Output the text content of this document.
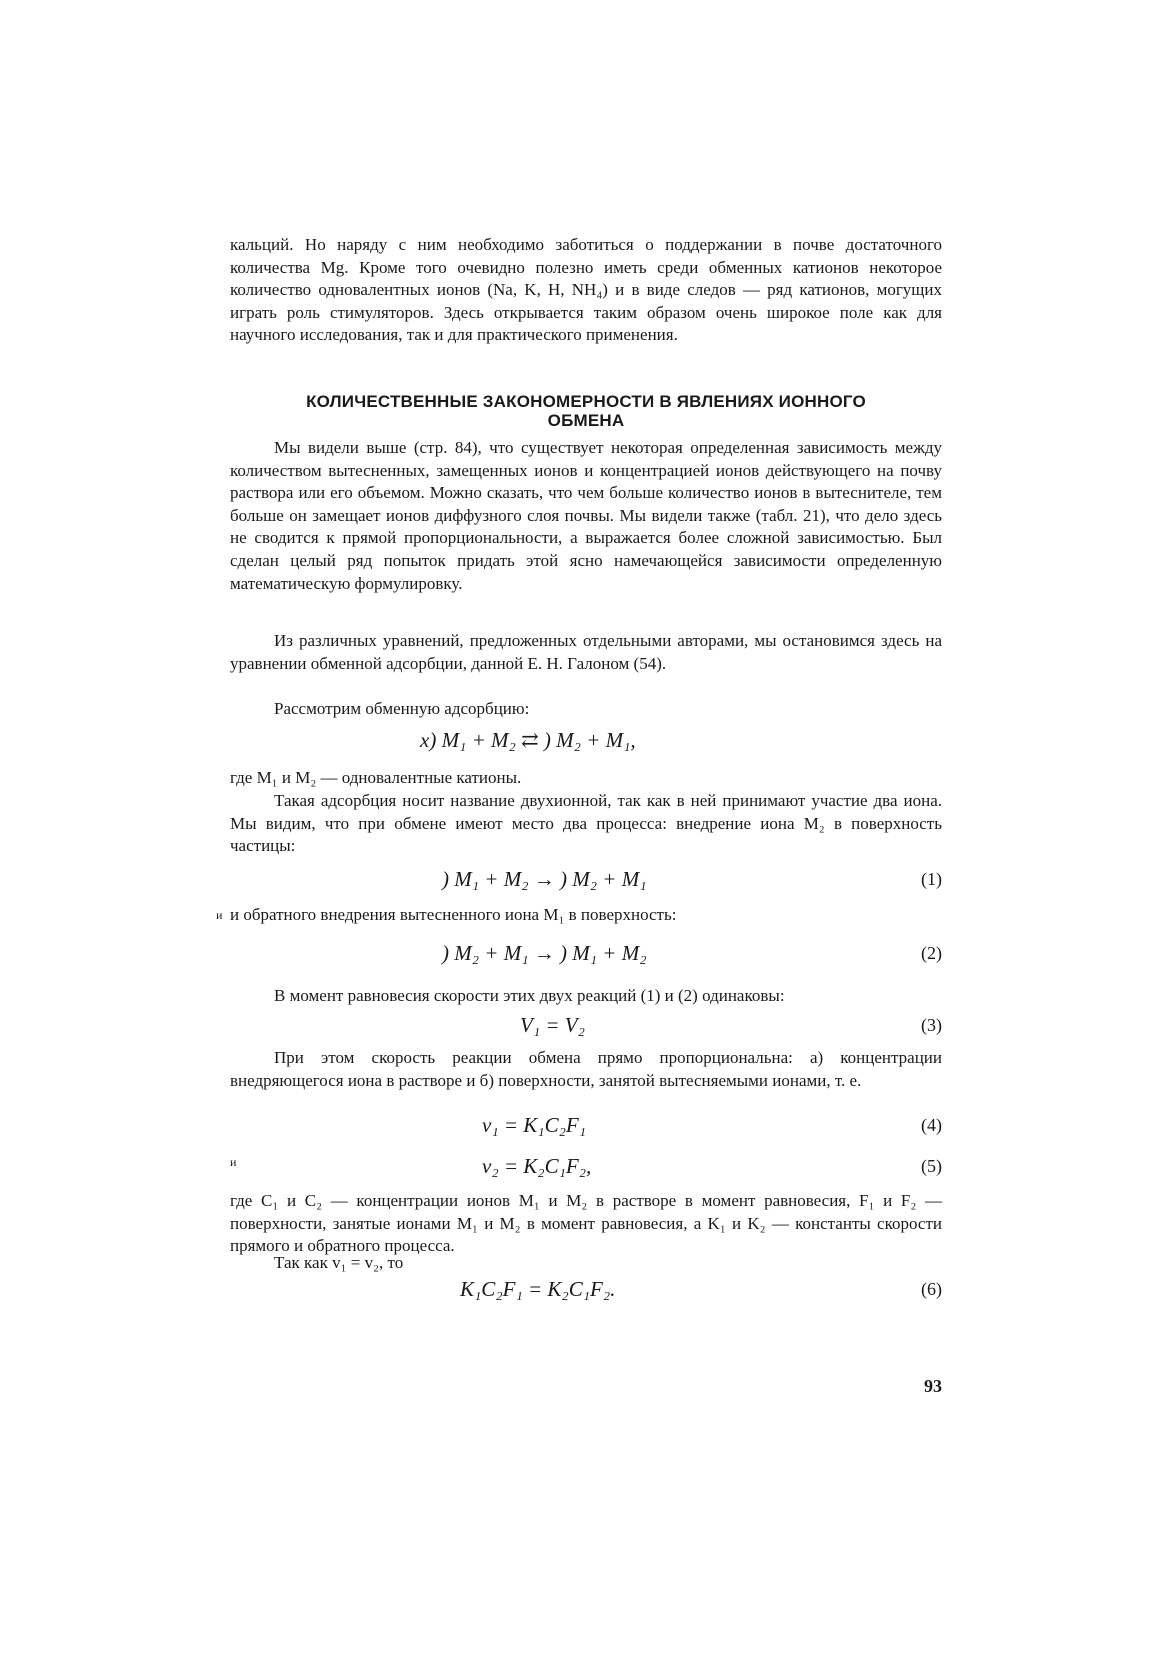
кальций. Но наряду с ним необходимо заботиться о поддержании в почве достаточного количества Mg. Кроме того очевидно полезно иметь среди обменных катионов некоторое количество одновалентных ионов (Na, K, H, NH₄) и в виде следов — ряд катионов, могущих играть роль стимуляторов. Здесь открывается таким образом очень широкое поле как для научного исследования, так и для практического применения.

КОЛИЧЕСТВЕННЫЕ ЗАКОНОМЕРНОСТИ В ЯВЛЕНИЯХ ИОННОГО
ОБМЕНА

Мы видели выше (стр. 84), что существует некоторая определенная зависимость между количеством вытесненных, замещенных ионов и концентрацией ионов действующего на почву раствора или его объемом. Можно сказать, что чем больше количество ионов в вытеснителе, тем больше он замещает ионов диффузного слоя почвы. Мы видели также (табл. 21), что дело здесь не сводится к прямой пропорциональности, а выражается более сложной зависимостью. Был сделан целый ряд попыток придать этой ясно намечающейся зависимости определенную математическую формулировку.

Из различных уравнений, предложенных отдельными авторами, мы остановимся здесь на уравнении обменной адсорбции, данной Е. Н. Галоном (54).

Рассмотрим обменную адсорбцию:

x) M₁ + M₂ ⇄ ) M₂ + M₁,

где M₁ и M₂ — одновалентные катионы.

Такая адсорбция носит название двухионной, так как в ней принимают участие два иона. Мы видим, что при обмене имеют место два процесса: внедрение иона M₂ в поверхность частицы:

) M₁ + M₂ → ) M₂ + M₁	(1)
и и обратного внедрения вытесненного иона M₁ в поверхность:

) M₂ + M₁ → ) M₁ + M₂	(2)

В момент равновесия скорости этих двух реакций (1) и (2) одинаковы:

V₁ = V₂	(3)

При этом скорость реакции обмена прямо пропорциональна: а) концентрации внедряющегося иона в растворе и б) поверхности, занятой вытесняемыми ионами, т. е.

v₁ = K₁C₂F₁	(4)
и	v₂ = K₂C₁F₂,	(5)

где C₁ и C₂ — концентрации ионов M₁ и M₂ в растворе в момент равновесия, F₁ и F₂ — поверхности, занятые ионами M₁ и M₂ в момент равновесия, а K₁ и K₂ — константы скорости прямого и обратного процесса.

Так как v₁ = v₂, то

K₁C₂F₁ = K₂C₁F₂.	(6)
93
